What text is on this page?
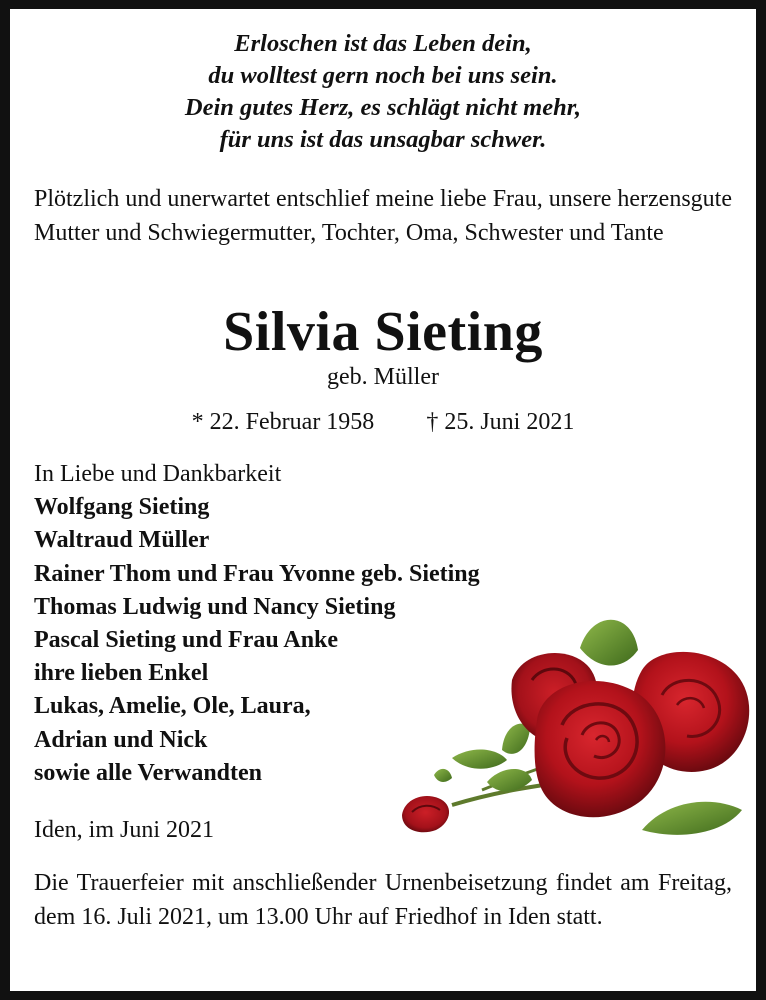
Erloschen ist das Leben dein,
du wolltest gern noch bei uns sein.
Dein gutes Herz, es schlägt nicht mehr,
für uns ist das unsagbar schwer.
Plötzlich und unerwartet entschlief meine liebe Frau, unsere herzensgute Mutter und Schwiegermutter, Tochter, Oma, Schwester und Tante
Silvia Sieting
geb. Müller
* 22. Februar 1958 † 25. Juni 2021
In Liebe und Dankbarkeit
Wolfgang Sieting
Waltraud Müller
Rainer Thom und Frau Yvonne geb. Sieting
Thomas Ludwig und Nancy Sieting
Pascal Sieting und Frau Anke
ihre lieben Enkel
Lukas, Amelie, Ole, Laura,
Adrian und Nick
sowie alle Verwandten
Iden, im Juni 2021
Die Trauerfeier mit anschließender Urnenbeisetzung findet am Freitag, dem 16. Juli 2021, um 13.00 Uhr auf Friedhof in Iden statt.
